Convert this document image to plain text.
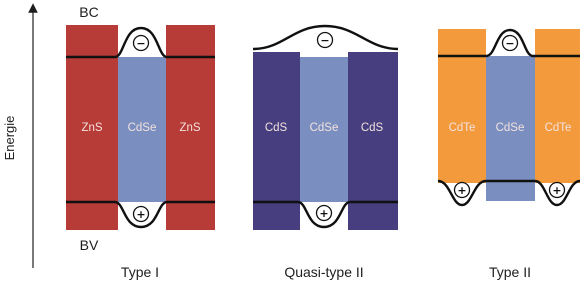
Energie
−
+
ZnS CdSe ZnS
BC
BV
Type I
−
+
CdS CdSe CdS
Quasi-type II
−
+	+
CdTe CdSe CdTe
Type II
